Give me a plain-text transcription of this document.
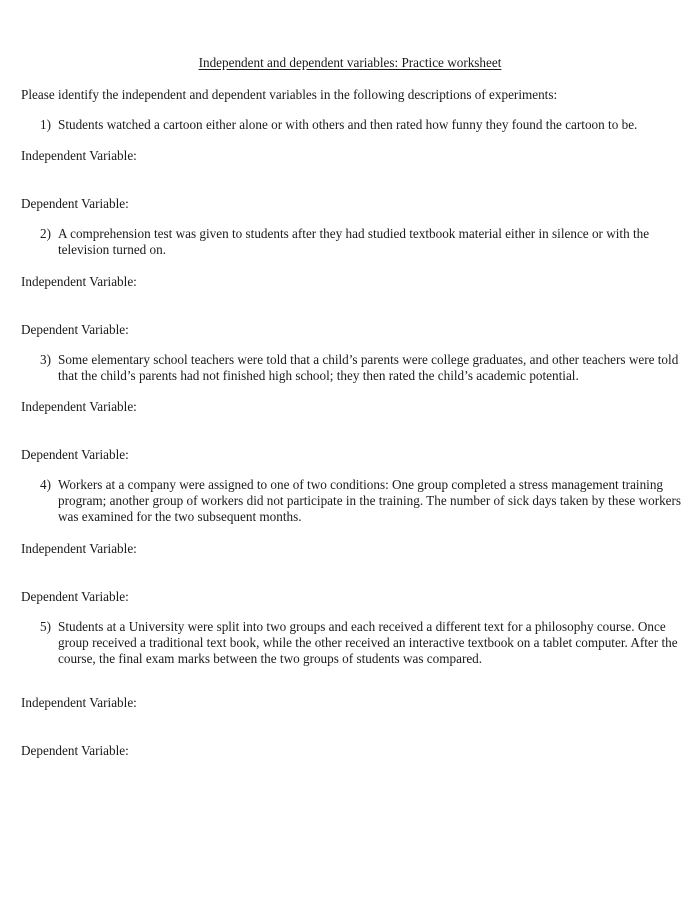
Independent and dependent variables: Practice worksheet

Please identify the independent and dependent variables in the following descriptions of experiments:

1) Students watched a cartoon either alone or with others and then rated how funny they found the cartoon to be.

Independent Variable:

Dependent Variable:

2) A comprehension test was given to students after they had studied textbook material either in silence or with the television turned on.

Independent Variable:

Dependent Variable:

3) Some elementary school teachers were told that a child’s parents were college graduates, and other teachers were told that the child’s parents had not finished high school; they then rated the child’s academic potential.

Independent Variable:

Dependent Variable:

4) Workers at a company were assigned to one of two conditions: One group completed a stress management training program; another group of workers did not participate in the training. The number of sick days taken by these workers was examined for the two subsequent months.

Independent Variable:

Dependent Variable:

5) Students at a University were split into two groups and each received a different text for a philosophy course. Once group received a traditional text book, while the other received an interactive textbook on a tablet computer. After the course, the final exam marks between the two groups of students was compared.

Independent Variable:

Dependent Variable:
